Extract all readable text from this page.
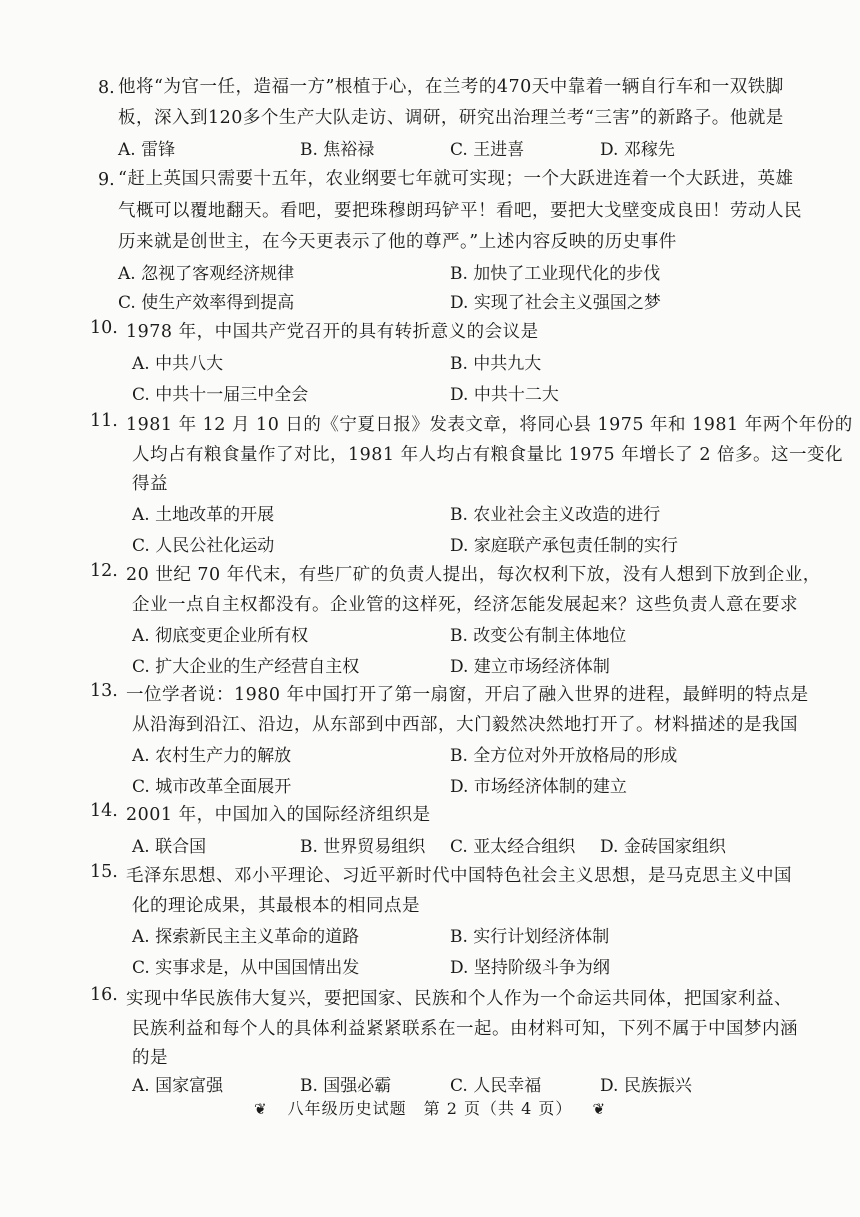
8. 他将“为官一任，造福一方”根植于心，在兰考的470天中靠着一辆自行车和一双铁脚
板，深入到120多个生产大队走访、调研，研究出治理兰考“三害”的新路子。他就是
A. 雷锋	B. 焦裕禄	C. 王进喜	D. 邓稼先
9. “赶上英国只需要十五年，农业纲要七年就可实现；一个大跃进连着一个大跃进，英雄
气概可以覆地翻天。看吧，要把珠穆朗玛铲平！看吧，要把大戈壁变成良田！劳动人民
历来就是创世主，在今天更表示了他的尊严。”上述内容反映的历史事件
A. 忽视了客观经济规律	B. 加快了工业现代化的步伐
C. 使生产效率得到提高	D. 实现了社会主义强国之梦
10. 1978 年，中国共产党召开的具有转折意义的会议是
A. 中共八大	B. 中共九大
C. 中共十一届三中全会	D. 中共十二大
11. 1981 年 12 月 10 日的《宁夏日报》发表文章，将同心县 1975 年和 1981 年两个年份的
人均占有粮食量作了对比，1981 年人均占有粮食量比 1975 年增长了 2 倍多。这一变化
得益
A. 土地改革的开展	B. 农业社会主义改造的进行
C. 人民公社化运动	D. 家庭联产承包责任制的实行
12. 20 世纪 70 年代末，有些厂矿的负责人提出，每次权利下放，没有人想到下放到企业，
企业一点自主权都没有。企业管的这样死，经济怎能发展起来？这些负责人意在要求
A. 彻底变更企业所有权	B. 改变公有制主体地位
C. 扩大企业的生产经营自主权	D. 建立市场经济体制
13. 一位学者说：1980 年中国打开了第一扇窗，开启了融入世界的进程，最鲜明的特点是
从沿海到沿江、沿边，从东部到中西部，大门毅然决然地打开了。材料描述的是我国
A. 农村生产力的解放	B. 全方位对外开放格局的形成
C. 城市改革全面展开	D. 市场经济体制的建立
14. 2001 年，中国加入的国际经济组织是
A. 联合国	B. 世界贸易组织 C. 亚太经合组织 D. 金砖国家组织
15. 毛泽东思想、邓小平理论、习近平新时代中国特色社会主义思想，是马克思主义中国
化的理论成果，其最根本的相同点是
A. 探索新民主主义革命的道路	B. 实行计划经济体制
C. 实事求是，从中国国情出发	D. 坚持阶级斗争为纲
16. 实现中华民族伟大复兴，要把国家、民族和个人作为一个命运共同体，把国家利益、
民族利益和每个人的具体利益紧紧联系在一起。由材料可知，下列不属于中国梦内涵
的是
A. 国家富强	B. 国强必霸	C. 人民幸福	D. 民族振兴
❦ 八年级历史试题　第 2 页（共 4 页） ❦
